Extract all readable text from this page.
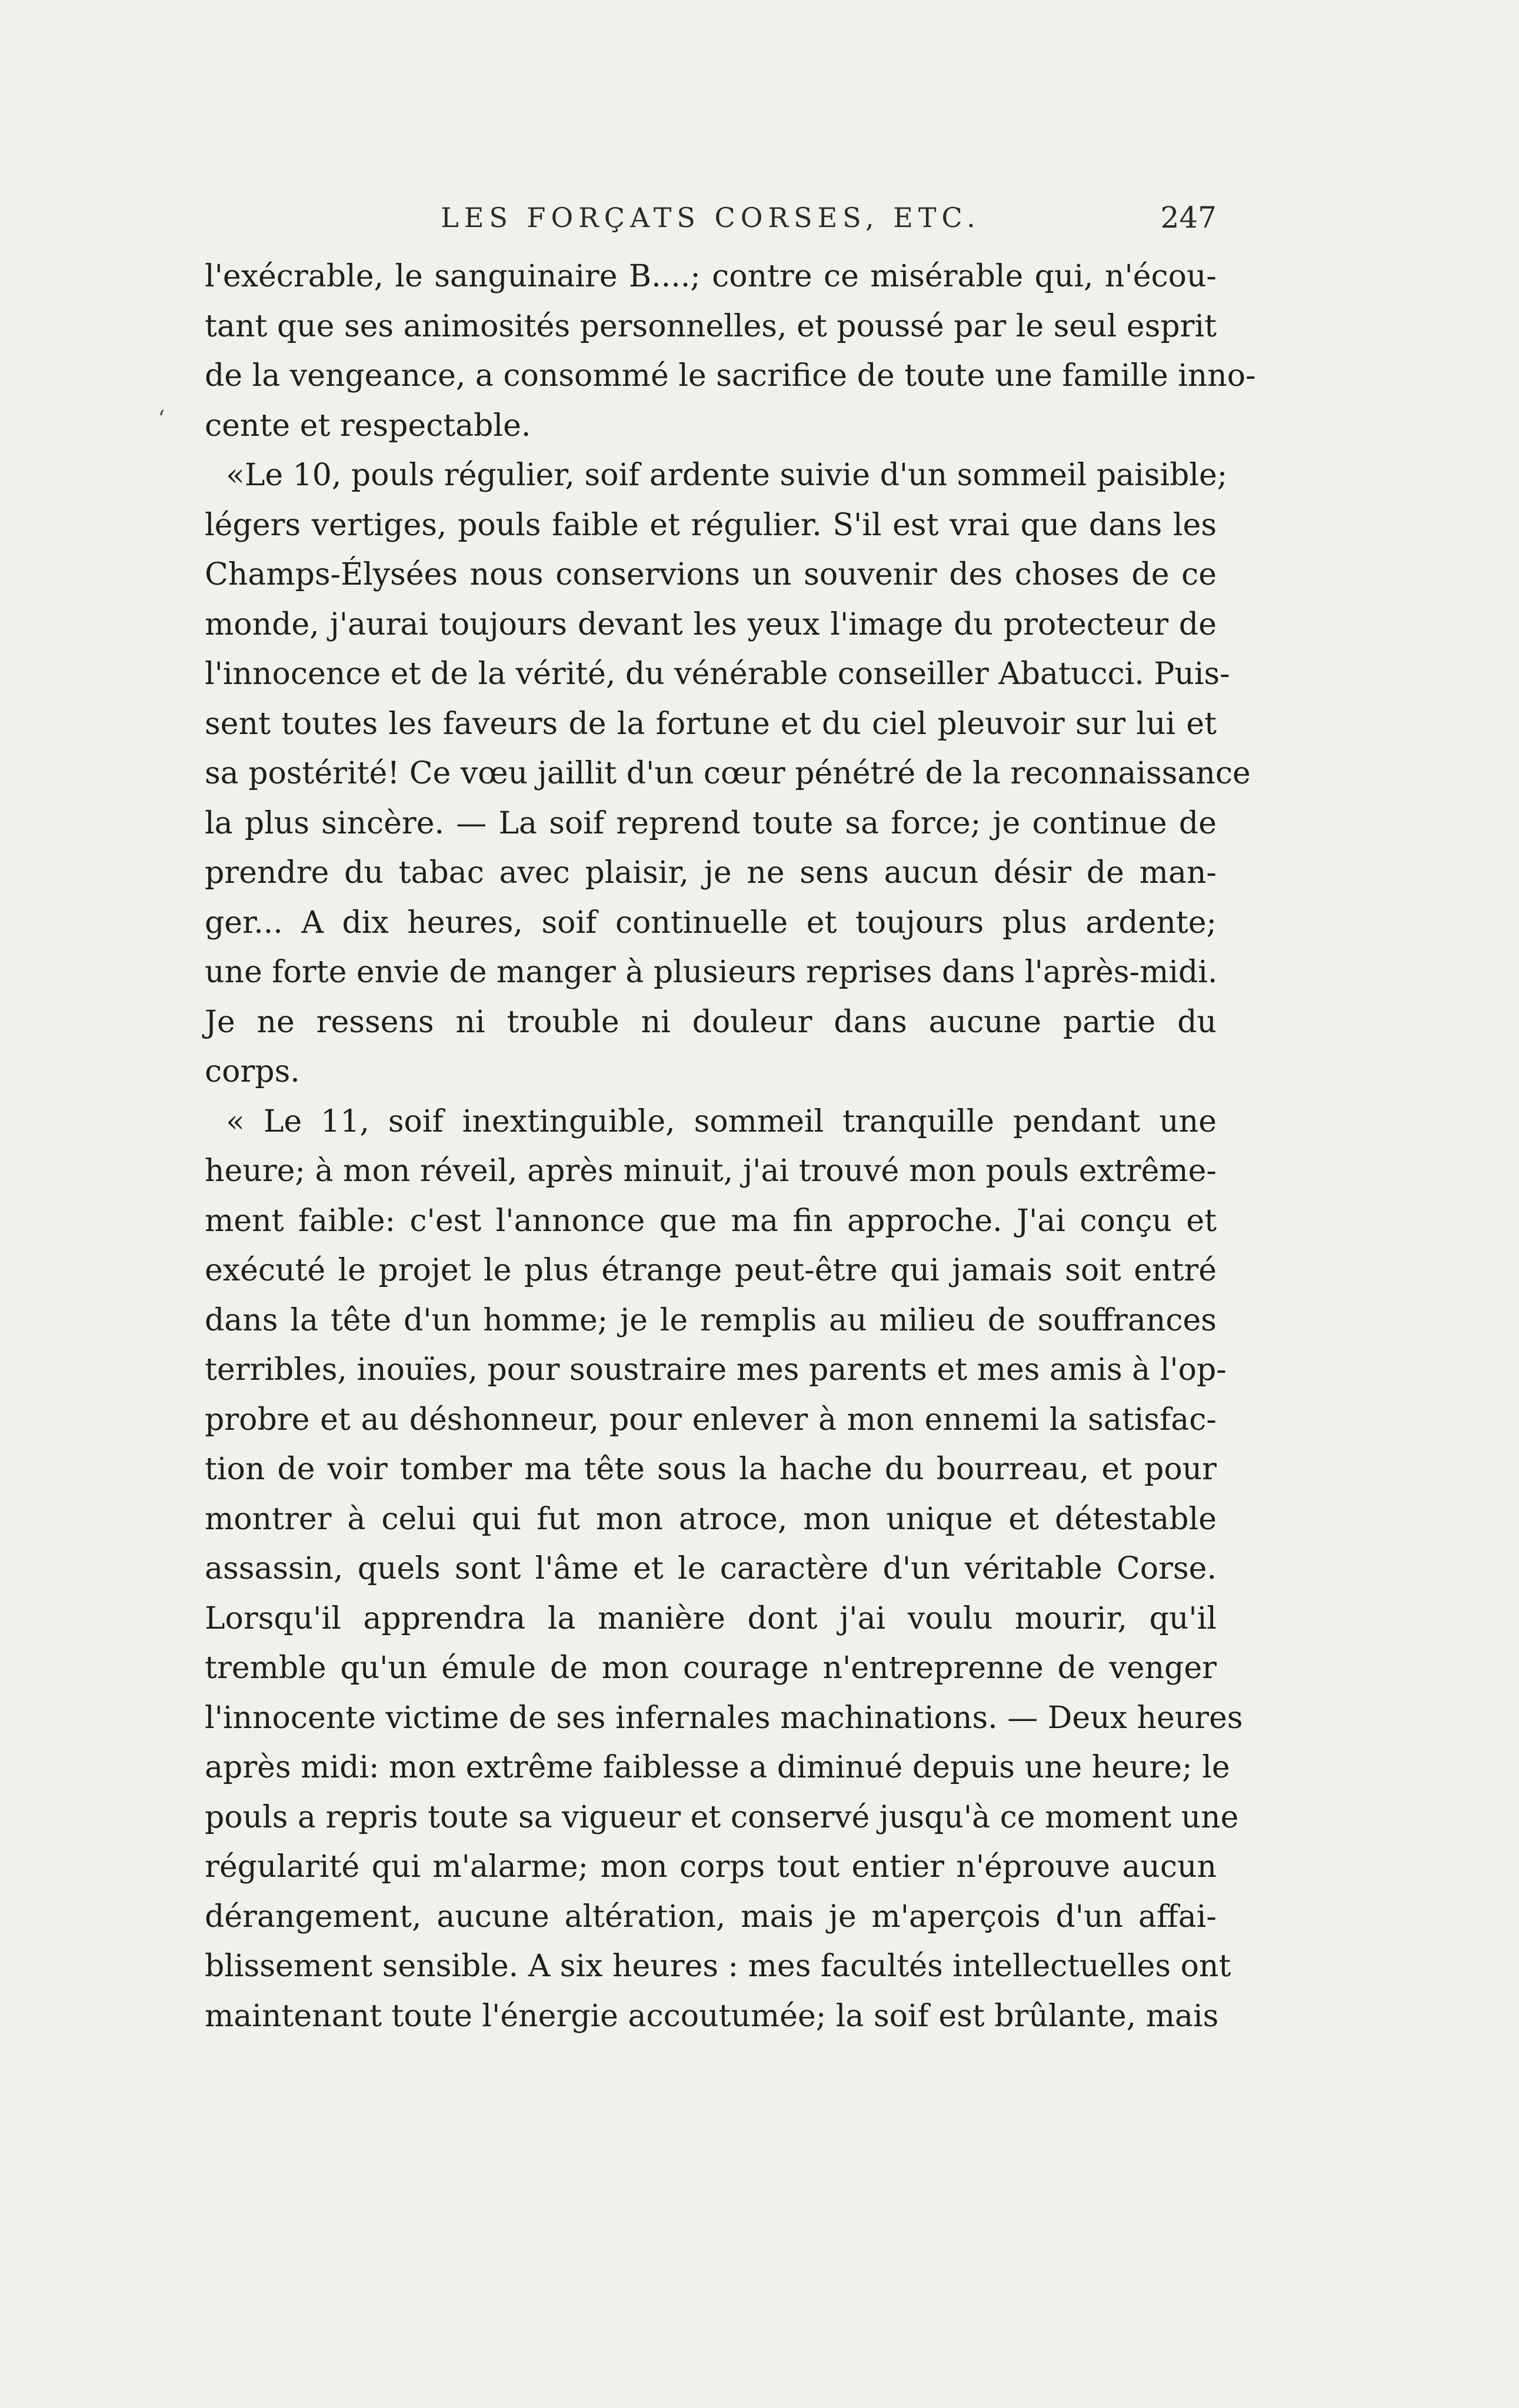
LES FORÇATS CORSES, ETC.	247
‘
l'exécrable, le sanguinaire B....; contre ce misérable qui, n'écou-
tant que ses animosités personnelles, et poussé par le seul esprit
de la vengeance, a consommé le sacrifice de toute une famille inno-
cente et respectable.
«Le 10, pouls régulier, soif ardente suivie d'un sommeil paisible;
légers vertiges, pouls faible et régulier. S'il est vrai que dans les
Champs-Élysées nous conservions un souvenir des choses de ce
monde, j'aurai toujours devant les yeux l'image du protecteur de
l'innocence et de la vérité, du vénérable conseiller Abatucci. Puis-
sent toutes les faveurs de la fortune et du ciel pleuvoir sur lui et
sa postérité! Ce vœu jaillit d'un cœur pénétré de la reconnaissance
la plus sincère. — La soif reprend toute sa force; je continue de
prendre du tabac avec plaisir, je ne sens aucun désir de man-
ger... A dix heures, soif continuelle et toujours plus ardente;
une forte envie de manger à plusieurs reprises dans l'après-midi.
Je ne ressens ni trouble ni douleur dans aucune partie du
corps.
« Le 11, soif inextinguible, sommeil tranquille pendant une
heure; à mon réveil, après minuit, j'ai trouvé mon pouls extrême-
ment faible: c'est l'annonce que ma fin approche. J'ai conçu et
exécuté le projet le plus étrange peut-être qui jamais soit entré
dans la tête d'un homme; je le remplis au milieu de souffrances
terribles, inouïes, pour soustraire mes parents et mes amis à l'op-
probre et au déshonneur, pour enlever à mon ennemi la satisfac-
tion de voir tomber ma tête sous la hache du bourreau, et pour
montrer à celui qui fut mon atroce, mon unique et détestable
assassin, quels sont l'âme et le caractère d'un véritable Corse.
Lorsqu'il apprendra la manière dont j'ai voulu mourir, qu'il
tremble qu'un émule de mon courage n'entreprenne de venger
l'innocente victime de ses infernales machinations. — Deux heures
après midi: mon extrême faiblesse a diminué depuis une heure; le
pouls a repris toute sa vigueur et conservé jusqu'à ce moment une
régularité qui m'alarme; mon corps tout entier n'éprouve aucun
dérangement, aucune altération, mais je m'aperçois d'un affai-
blissement sensible. A six heures : mes facultés intellectuelles ont
maintenant toute l'énergie accoutumée; la soif est brûlante, mais
